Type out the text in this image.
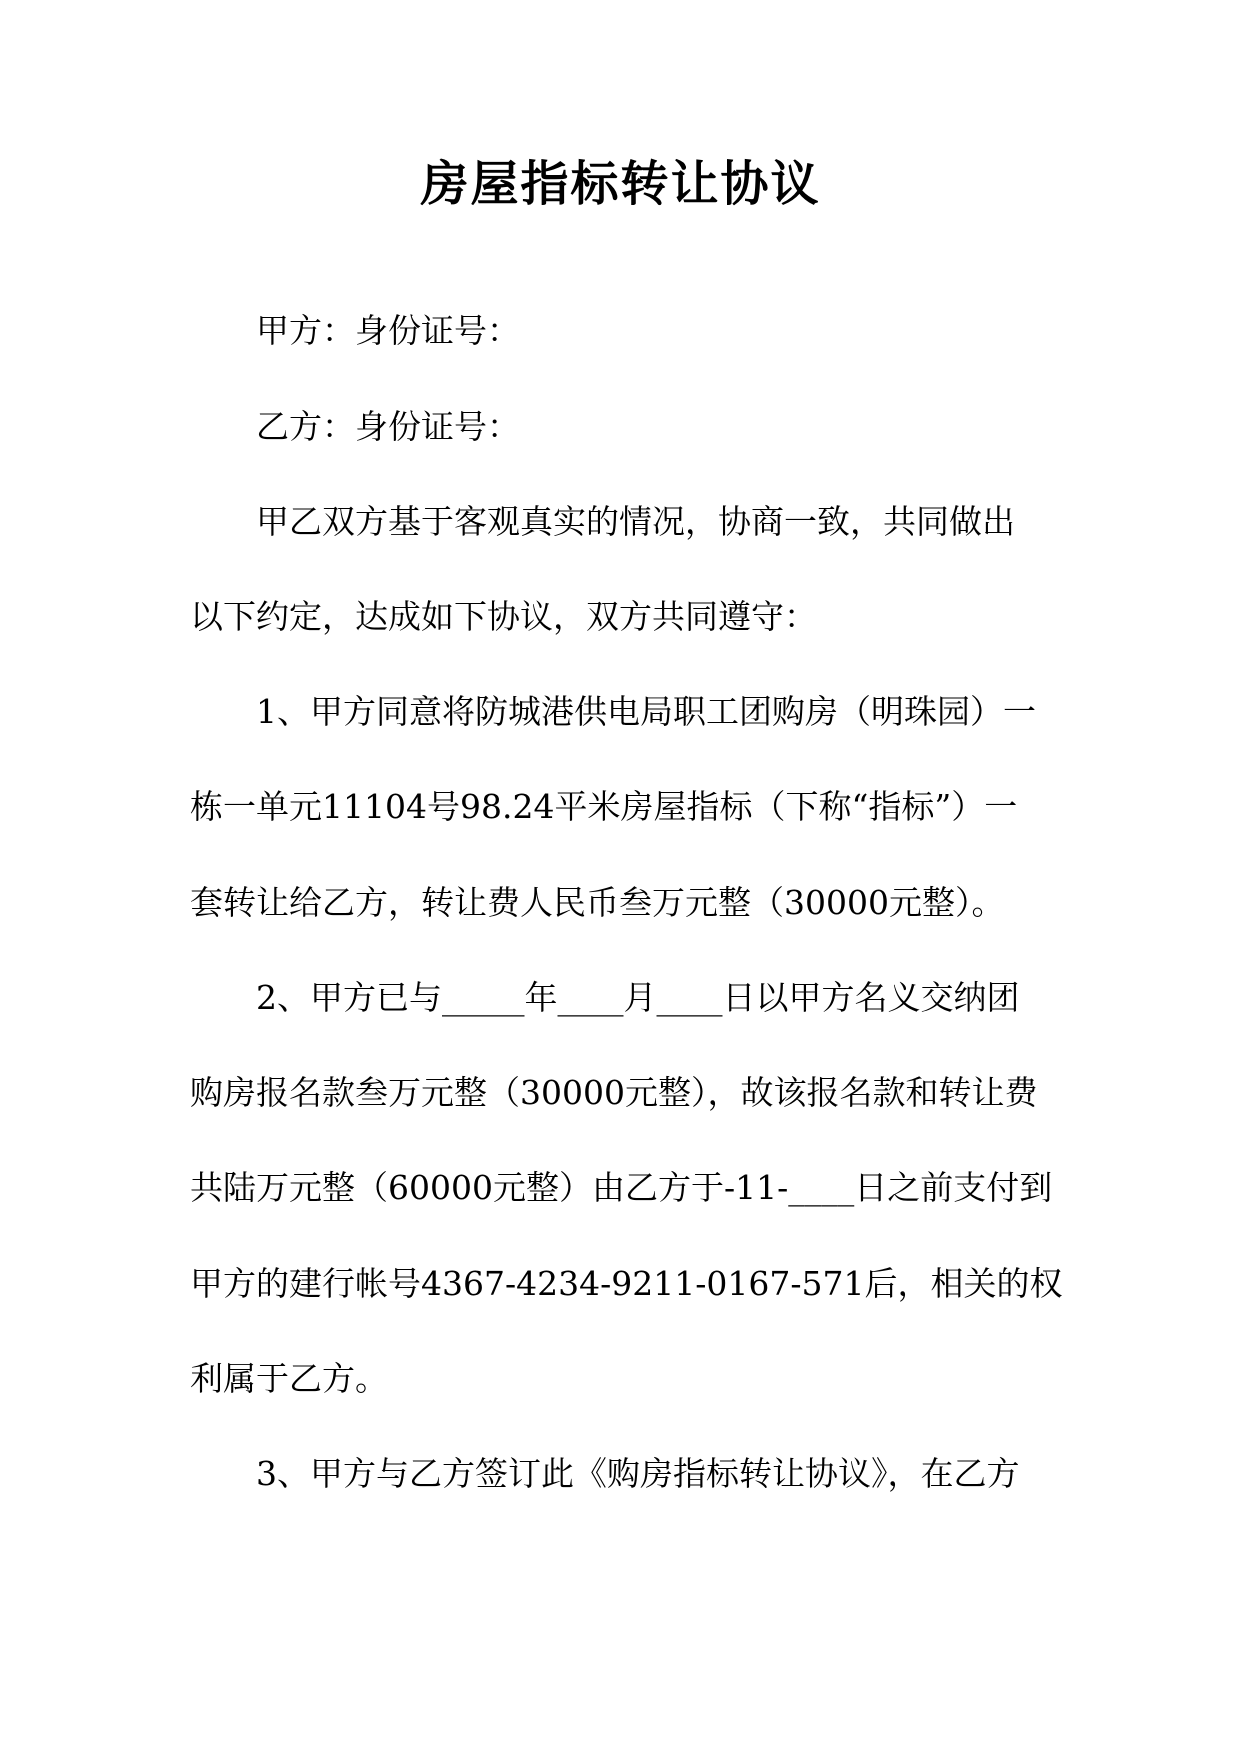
房屋指标转让协议
甲方：身份证号：
乙方：身份证号：
甲乙双方基于客观真实的情况，协商一致，共同做出
以下约定，达成如下协议，双方共同遵守：
1、甲方同意将防城港供电局职工团购房（明珠园）一
栋一单元11104号98.24平米房屋指标（下称“指标”）一
套转让给乙方，转让费人民币叁万元整（30000元整）。
2、甲方已与_____年____月____日以甲方名义交纳团
购房报名款叁万元整（30000元整），故该报名款和转让费
共陆万元整（60000元整）由乙方于-11-____日之前支付到
甲方的建行帐号4367-4234-9211-0167-571后，相关的权
利属于乙方。
3、甲方与乙方签订此《购房指标转让协议》，在乙方
